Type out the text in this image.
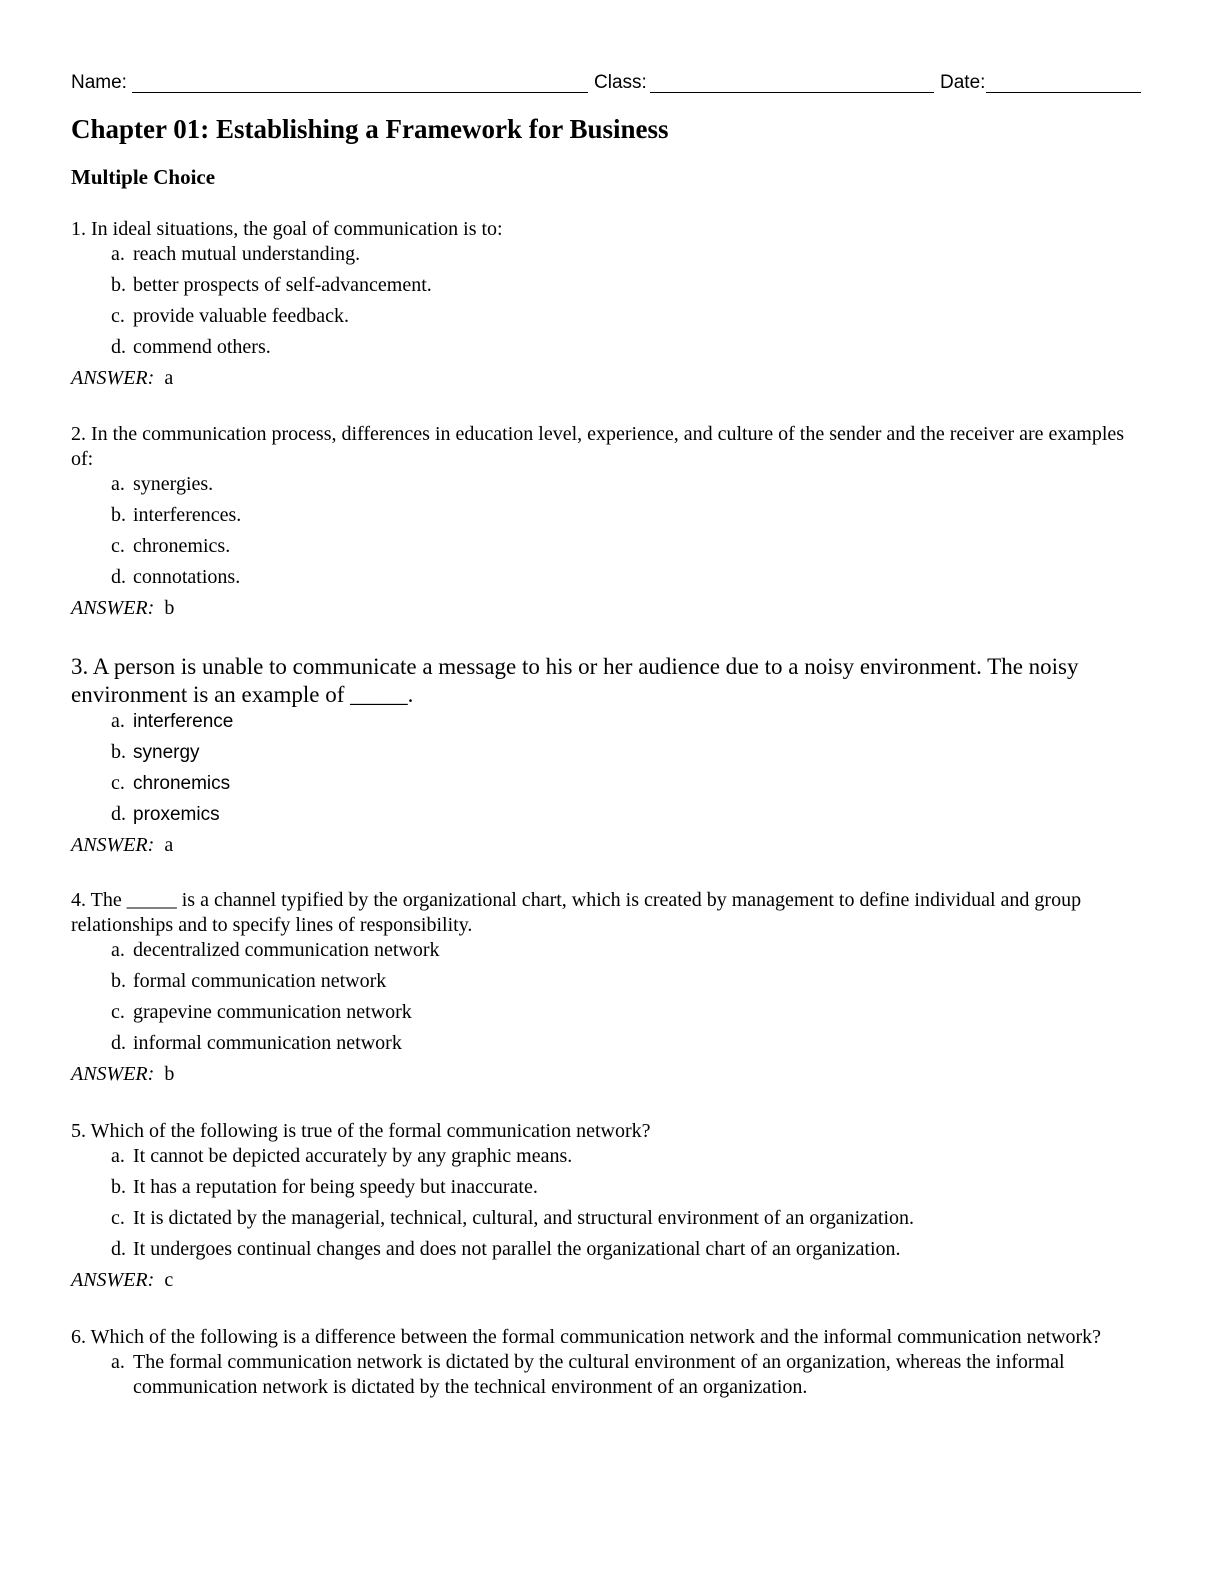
Name:	Class:	Date:
Chapter 01: Establishing a Framework for Business
Multiple Choice

1. In ideal situations, the goal of communication is to:

a. reach mutual understanding.
b. better prospects of self-advancement.
c. provide valuable feedback.
d. commend others.
ANSWER: a

2. In the communication process, differences in education level, experience, and culture of the sender and the receiver are examples of:

a. synergies.
b. interferences.
c. chronemics.
d. connotations.
ANSWER: b

3. A person is unable to communicate a message to his or her audience due to a noisy environment. The noisy environment is an example of _____.

a. interference
b. synergy
c. chronemics
d. proxemics
ANSWER: a

4. The _____ is a channel typified by the organizational chart, which is created by management to define individual and group relationships and to specify lines of responsibility.

a. decentralized communication network
b. formal communication network
c. grapevine communication network
d. informal communication network
ANSWER: b

5. Which of the following is true of the formal communication network?

a. It cannot be depicted accurately by any graphic means.
b. It has a reputation for being speedy but inaccurate.
c. It is dictated by the managerial, technical, cultural, and structural environment of an organization.
d. It undergoes continual changes and does not parallel the organizational chart of an organization.
ANSWER: c

6. Which of the following is a difference between the formal communication network and the informal communication network?

a. The formal communication network is dictated by the cultural environment of an organization, whereas the informal communication network is dictated by the technical environment of an organization.
